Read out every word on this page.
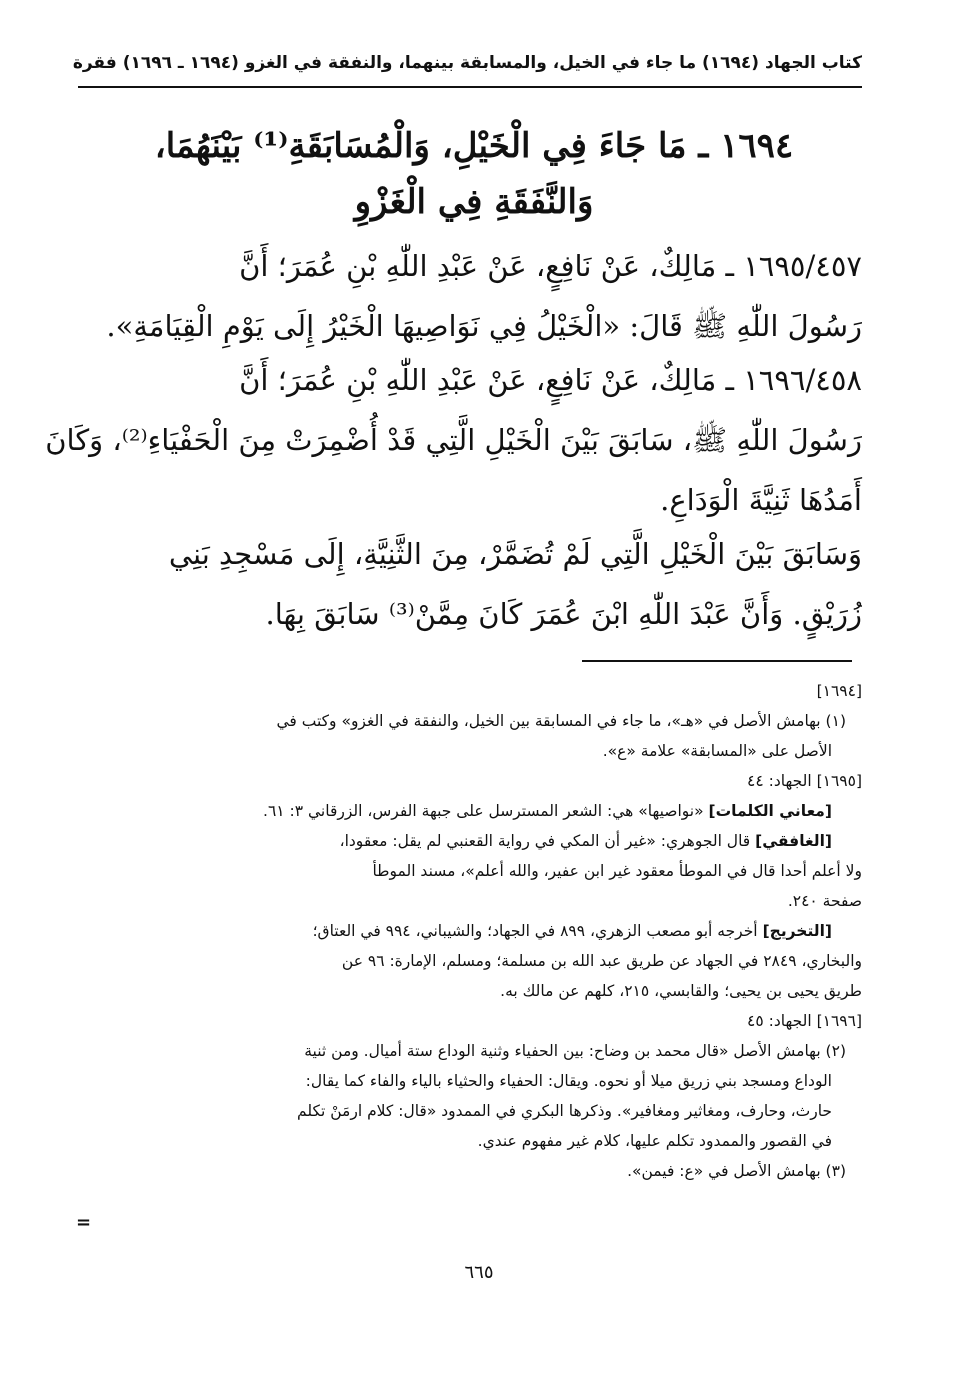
كتاب الجهاد (١٦٩٤) ما جاء في الخيل، والمسابقة بينهما، والنفقة في الغزو (١٦٩٤ ـ ١٦٩٦) فقرة
١٦٩٤ ـ مَا جَاءَ فِي الْخَيْلِ، وَالْمُسَابَقَةِ⁽¹⁾ بَيْنَهُمَا،
وَالنَّفَقَةِ فِي الْغَزْوِ
١٦٩٥/٤٥٧ ـ مَالِكٌ، عَنْ نَافِعٍ، عَنْ عَبْدِ اللّٰهِ بْنِ عُمَرَ؛ أَنَّ
رَسُولَ اللّٰهِ ﷺ قَالَ: «الْخَيْلُ فِي نَوَاصِيهَا الْخَيْرُ إِلَى يَوْمِ الْقِيَامَةِ».
١٦٩٦/٤٥٨ ـ مَالِكٌ، عَنْ نَافِعٍ، عَنْ عَبْدِ اللّٰهِ بْنِ عُمَرَ؛ أَنَّ
رَسُولَ اللّٰهِ ﷺ، سَابَقَ بَيْنَ الْخَيْلِ الَّتِي قَدْ أُضْمِرَتْ مِنَ الْحَفْيَاءِ⁽²⁾، وَكَانَ
أَمَدُهَا ثَنِيَّةَ الْوَدَاعِ.
وَسَابَقَ بَيْنَ الْخَيْلِ الَّتِي لَمْ تُضَمَّرْ، مِنَ الثَّنِيَّةِ، إِلَى مَسْجِدِ بَنِي
زُرَيْقٍ. وَأَنَّ عَبْدَ اللّٰهِ ابْنَ عُمَرَ كَانَ مِمَّنْ⁽³⁾ سَابَقَ بِهَا.
[١٦٩٤]
(١) بهامش الأصل في «هـ»، ما جاء في المسابقة بين الخيل، والنفقة في الغزو» وكتب في
الأصل على «المسابقة» علامة «ع».
[١٦٩٥] الجهاد: ٤٤
[معاني الكلمات] «نواصيها» هي: الشعر المسترسل على جبهة الفرس، الزرقاني ٣: ٦١.
[الغافقي] قال الجوهري: «غير أن المكي في رواية القعنبي لم يقل: معقودا،
ولا أعلم أحدا قال في الموطأ معقود غير ابن عفير، والله أعلم»، مسند الموطأ
صفحة ٢٤٠.
[التخريج] أخرجه أبو مصعب الزهري، ٨٩٩ في الجهاد؛ والشيباني، ٩٩٤ في العتاق؛
والبخاري، ٢٨٤٩ في الجهاد عن طريق عبد الله بن مسلمة؛ ومسلم، الإمارة: ٩٦ عن
طريق يحيى بن يحيى؛ والقابسي، ٢١٥، كلهم عن مالك به.
[١٦٩٦] الجهاد: ٤٥
(٢) بهامش الأصل «قال محمد بن وضاح: بين الحفياء وثنية الوداع ستة أميال. ومن ثنية
الوداع ومسجد بني زريق ميلا أو نحوه. ويقال: الحفياء والحثياء بالياء والفاء كما يقال:
حارث، وحارف، ومغاثير ومغافير». وذكرها البكري في الممدود «قال: كلام ارمَنْ تكلم
في القصور والممدود تكلم عليها، كلام غير مفهوم عندي.
(٣) بهامش الأصل في «ع: فيمن».
=
٦٦٥
